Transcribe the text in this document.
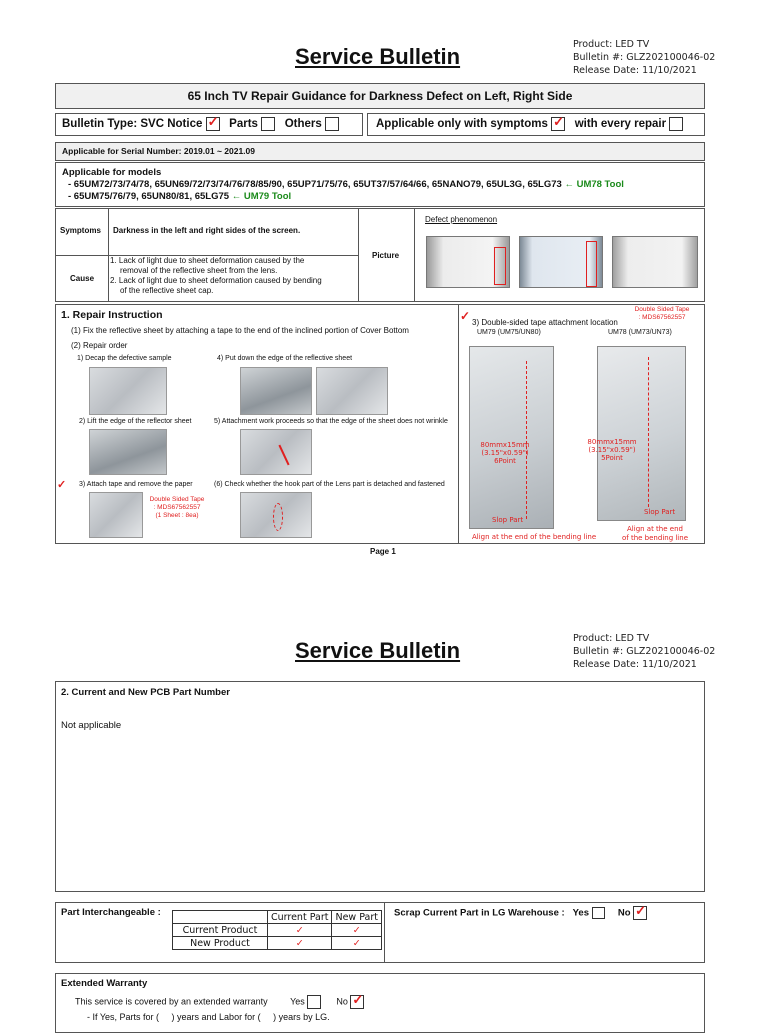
Service Bulletin	Product: LED TV
Bulletin #: GLZ202100046-02
Release Date: 11/10/2021
65 Inch TV Repair Guidance for Darkness Defect on Left, Right Side
Bulletin Type: SVC Notice ✓ Parts Others	Applicable only with symptoms ✓ with every repair
Applicable for Serial Number: 2019.01 ~ 2021.09
Applicable for models
- 65UM72/73/74/78, 65UN69/72/73/74/76/78/85/90, 65UP71/75/76, 65UT37/57/64/66, 65NANO79, 65UL3G, 65LG73 ← UM78 Tool
- 65UM75/76/79, 65UN80/81, 65LG75 ← UM79 Tool
Symptoms Darkness in the left and right sides of the screen.
Cause
1. Lack of light due to sheet deformation caused by the
removal of the reflective sheet from the lens.
2. Lack of light due to sheet deformation caused by bending
of the reflective sheet cap.
Picture
Defect phenomenon
1. Repair Instruction
(1) Fix the reflective sheet by attaching a tape to the end of the inclined portion of Cover Bottom
(2) Repair order
1) Decap the defective sample
2) Lift the edge of the reflector sheet
✓ 3) Attach tape and remove the paper
Double Sided Tape
: MDS67562557
(1 Sheet : 8ea)
4) Put down the edge of the reflective sheet
5) Attachment work proceeds so that the edge of the sheet does not wrinkle
(6) Check whether the hook part of the Lens part is detached and fastened
✓	Double Sided Tape
: MDS67562557
3) Double-sided tape attachment location
UM79 (UM75/UN80)	UM78 (UM73/UN73)
80mmx15mm
(3.15"x0.59")
6Point
Slop Part
Align at the end of the bending line
80mmx15mm
(3.15"x0.59")
5Point
Slop Part
Align at the end
of the bending line
Page 1
Service Bulletin	Product: LED TV
Bulletin #: GLZ202100046-02
Release Date: 11/10/2021
2. Current and New PCB Part Number
Not applicable
Part Interchangeable :
		Current Part	New Part
Current Product	✓	✓
New Product	✓	✓
Scrap Current Part in LG Warehouse : Yes	No ✓
Extended Warranty
This service is covered by an extended warranty	Yes	No ✓
- If Yes, Parts for (     ) years and Labor for (     ) years by LG.
